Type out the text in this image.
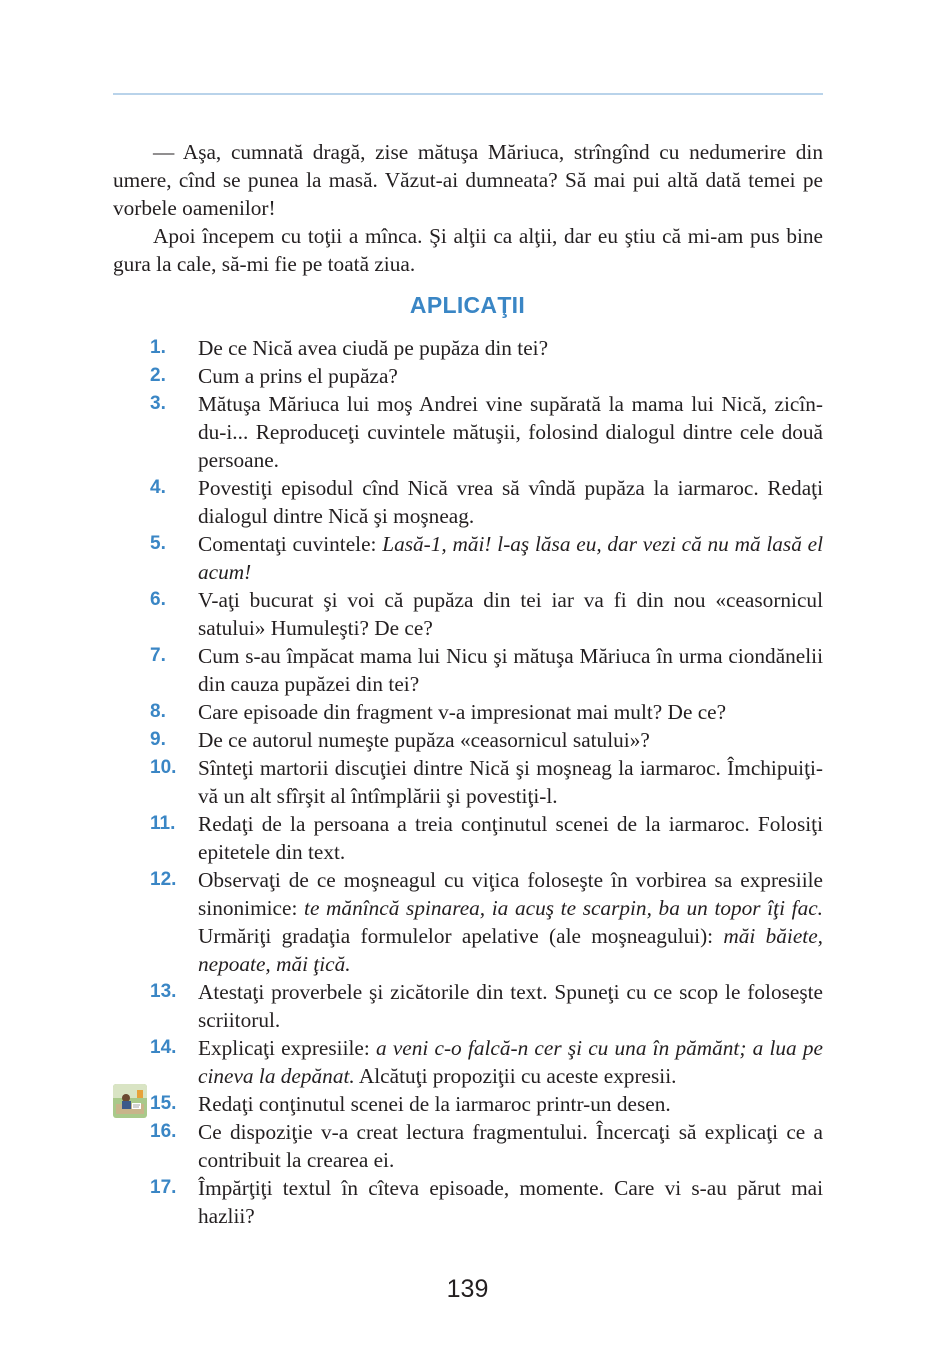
— Aşa, cumnată dragă, zise mătuşa Măriuca, strîngînd cu nedumerire din umere, cînd se punea la masă. Văzut-ai dumneata? Să mai pui altă dată temei pe vorbele oamenilor!

Apoi începem cu toţii a mînca. Şi alţii ca alţii, dar eu ştiu că mi-am pus bine gura la cale, să-mi fie pe toată ziua.

APLICAŢII
1.	De ce Nică avea ciudă pe pupăza din tei?
2.	Cum a prins el pupăza?
3.	Mătuşa Măriuca lui moş Andrei vine supărată la mama lui Nică, zicîn-du-i... Reproduceţi cuvintele mătuşii, folosind dialogul dintre cele două persoane.
4.	Povestiţi episodul cînd Nică vrea să vîndă pupăza la iarmaroc. Redaţi dialogul dintre Nică şi moşneag.
5.	Comentaţi cuvintele: Lasă-1, măi! l-aş lăsa eu, dar vezi că nu mă lasă el acum!
6.	V-aţi bucurat şi voi că pupăza din tei iar va fi din nou «ceasornicul satului» Humuleşti? De ce?
7.	Cum s-au împăcat mama lui Nicu şi mătuşa Măriuca în urma ciondănelii din cauza pupăzei din tei?
8.	Care episoade din fragment v-a impresionat mai mult? De ce?
9.	De ce autorul numeşte pupăza «ceasornicul satului»?
10.	Sînteţi martorii discuţiei dintre Nică şi moşneag la iarmaroc. Îmchipuiţi-vă un alt sfîrşit al întîmplării şi povestiţi-l.
11.	Redaţi de la persoana a treia conţinutul scenei de la iarmaroc. Folosiţi epitetele din text.
12.	Observaţi de ce moşneagul cu viţica foloseşte în vorbirea sa expresiile sinonimice: te mănîncă spinarea, ia acuş te scarpin, ba un topor îţi fac. Urmăriţi gradaţia formulelor apelative (ale moşneagului): măi băiete, nepoate, măi ţică.
13.	Atestaţi proverbele şi zicătorile din text. Spuneţi cu ce scop le foloseşte scriitorul.
14.	Explicaţi expresiile: a veni c-o falcă-n cer şi cu una în pămănt; a lua pe cineva la depănat. Alcătuţi propoziţii cu aceste expresii.
15.	Redaţi conţinutul scenei de la iarmaroc printr-un desen.
16.	Ce dispoziţie v-a creat lectura fragmentului. Încercaţi să explicaţi ce a contribuit la crearea ei.
17.	Împărţiţi textul în cîteva episoade, momente. Care vi s-au părut mai hazlii?
139
